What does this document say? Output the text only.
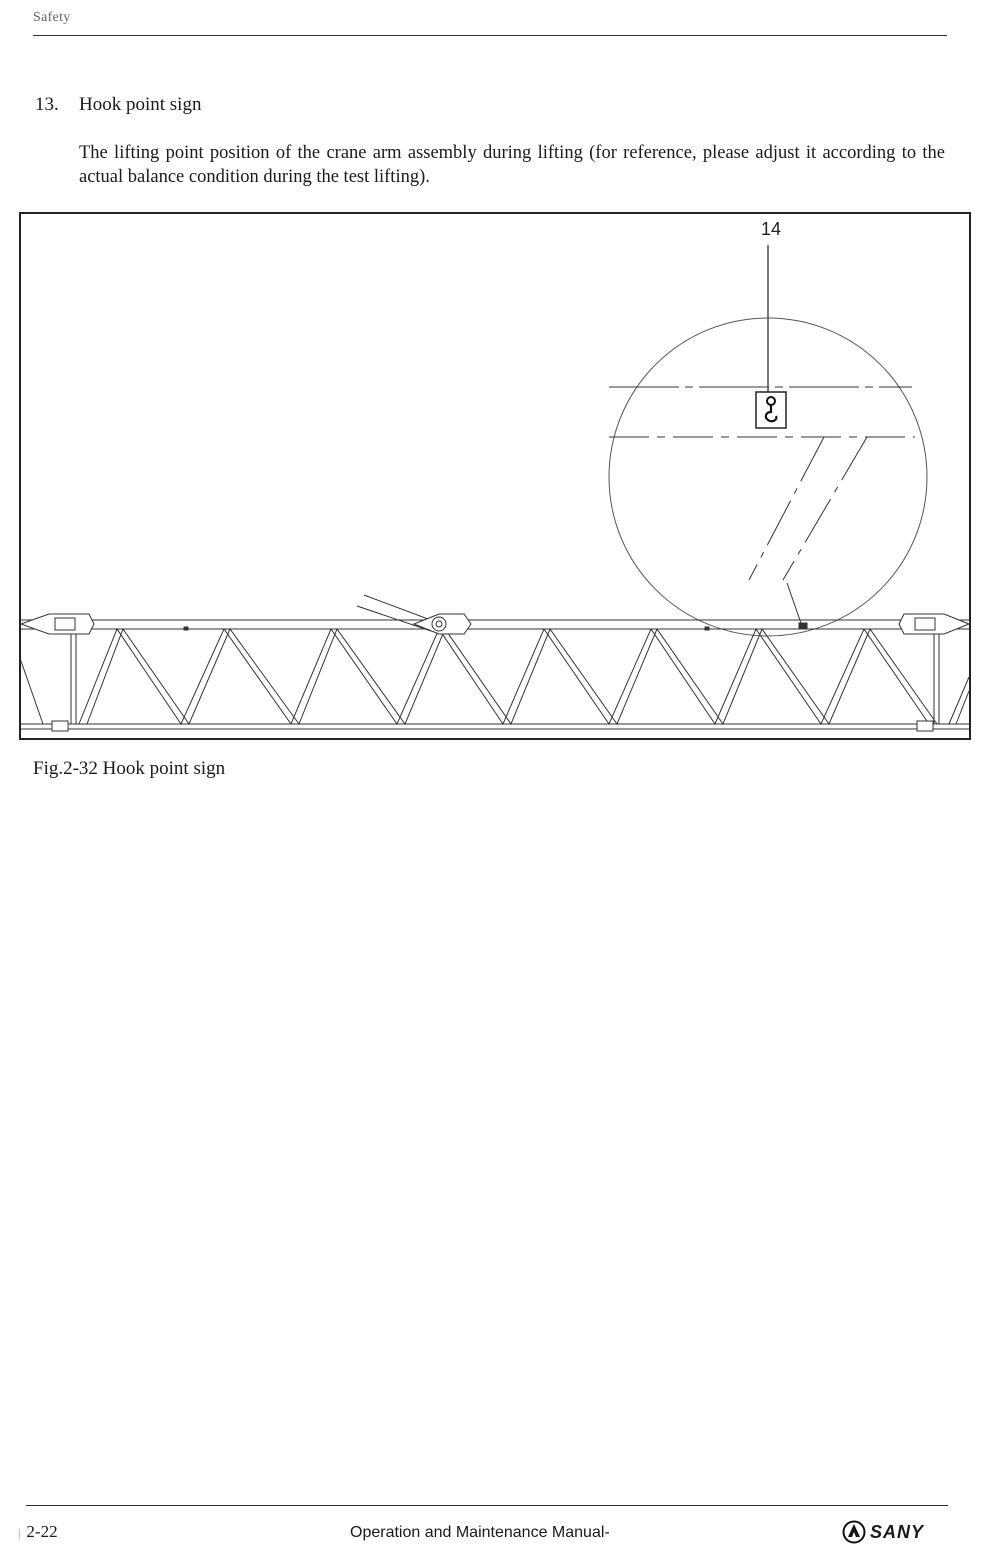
Safety
13. Hook point sign
The lifting point position of the crane arm assembly during lifting (for reference, please adjust it according to the actual balance condition during the test lifting).
14
Fig.2-32 Hook point sign
| 2-22	Operation and Maintenance Manual-	SANY
